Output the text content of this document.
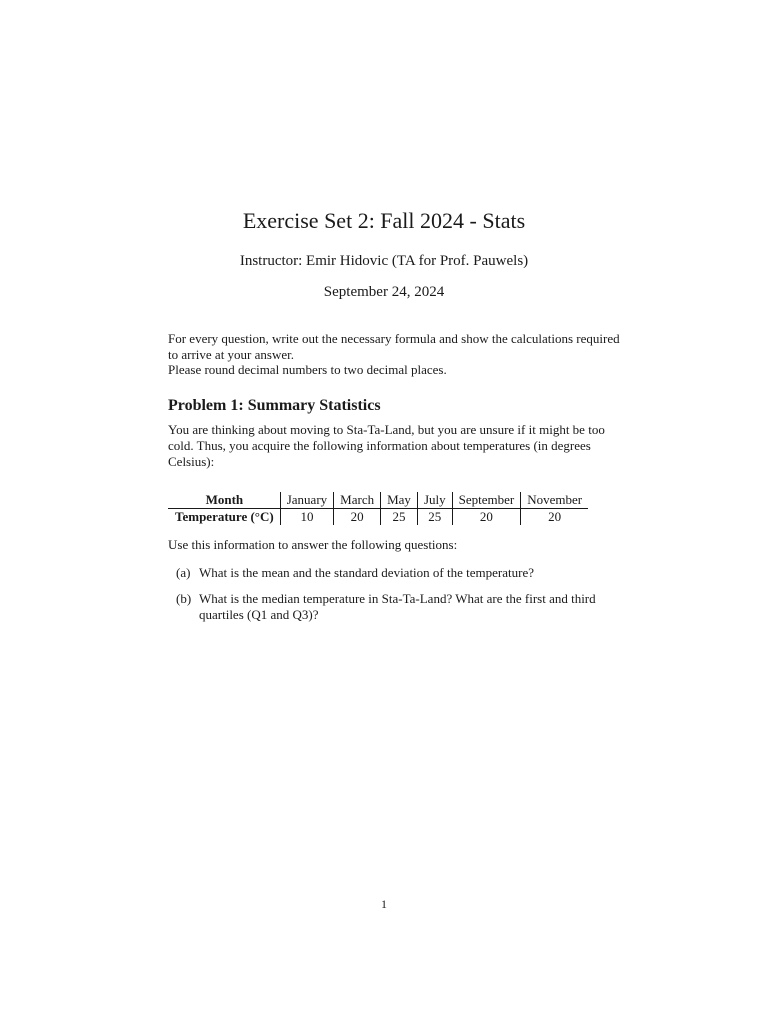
Exercise Set 2: Fall 2024 - Stats
Instructor: Emir Hidovic (TA for Prof. Pauwels)
September 24, 2024

For every question, write out the necessary formula and show the calculations required to arrive at your answer.

Please round decimal numbers to two decimal places.

Problem 1: Summary Statistics
You are thinking about moving to Sta-Ta-Land, but you are unsure if it might be too cold. Thus, you acquire the following information about temperatures (in degrees Celsius):
Month	January	March	May	July	September	November
Temperature (°C)	10	20	25	25	20	20
Use this information to answer the following questions:
(a) What is the mean and the standard deviation of the temperature?
(b) What is the median temperature in Sta-Ta-Land? What are the first and third quartiles (Q1 and Q3)?
1
